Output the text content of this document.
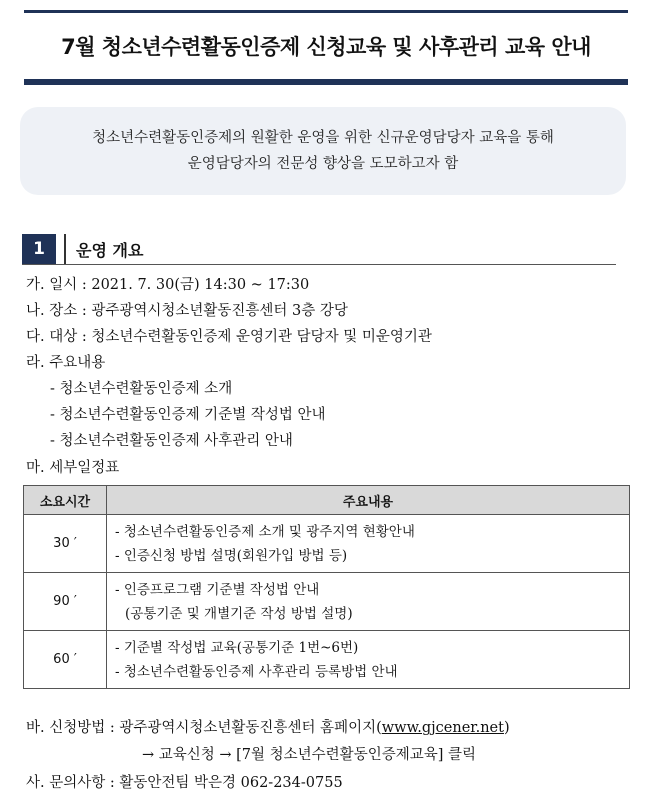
7월 청소년수련활동인증제 신청교육 및 사후관리 교육 안내
청소년수련활동인증제의 원활한 운영을 위한 신규운영담당자 교육을 통해
운영담당자의 전문성 향상을 도모하고자 함
1	운영 개요
가. 일시 : 2021. 7. 30(금) 14:30 ~ 17:30
나. 장소 : 광주광역시청소년활동진흥센터 3층 강당
다. 대상 : 청소년수련활동인증제 운영기관 담당자 및 미운영기관
라. 주요내용
- 청소년수련활동인증제 소개
- 청소년수련활동인증제 기준별 작성법 안내
- 청소년수련활동인증제 사후관리 안내
마. 세부일정표
소요시간	주요내용
30 ′	- 청소년수련활동인증제 소개 및 광주지역 현황안내
- 인증신청 방법 설명(회원가입 방법 등)

90 ′	- 인증프로그램 기준별 작성법 안내
(공통기준 및 개별기준 작성 방법 설명)

60 ′	- 기준별 작성법 교육(공통기준 1번~6번)
- 청소년수련활동인증제 사후관리 등록방법 안내
바. 신청방법 : 광주광역시청소년활동진흥센터 홈페이지(www.gjcener.net)
→ 교육신청 → [7월 청소년수련활동인증제교육] 클릭
사. 문의사항 : 활동안전팀 박은경 062-234-0755
